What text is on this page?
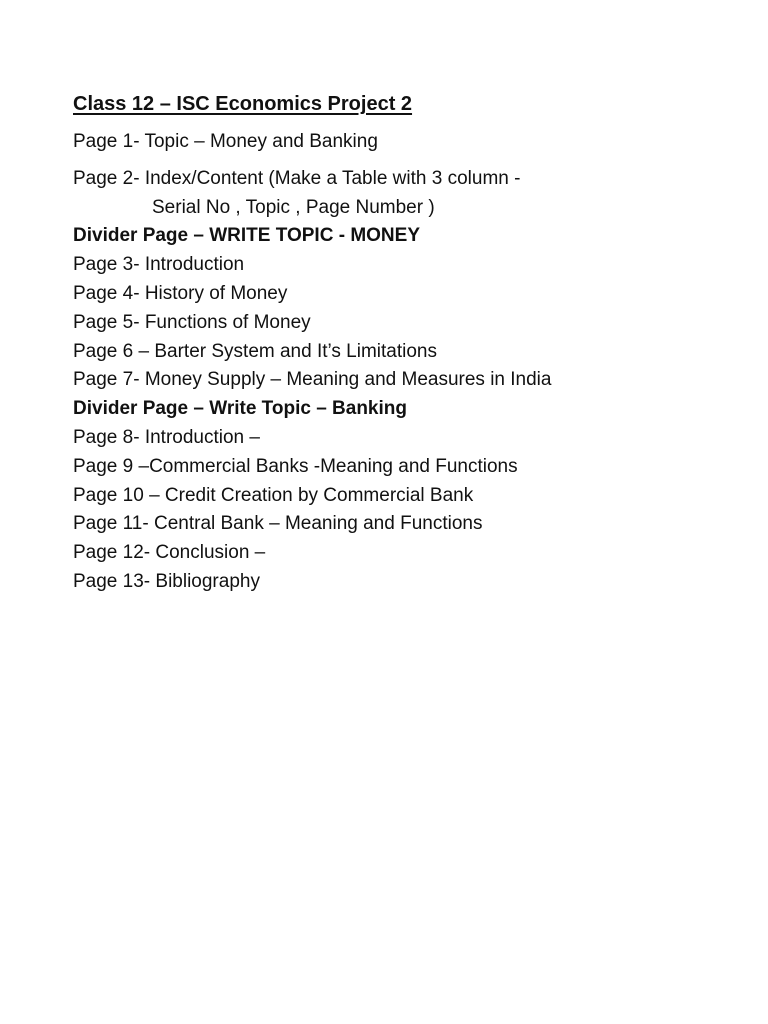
Class 12 – ISC Economics Project 2
Page 1- Topic – Money and Banking
Page 2- Index/Content (Make a Table with 3 column -
Serial No , Topic , Page Number )
Divider Page – WRITE TOPIC - MONEY
Page 3- Introduction
Page 4- History of Money
Page 5- Functions of Money
Page 6 – Barter System and It’s Limitations
Page 7- Money Supply – Meaning and Measures in India
Divider Page – Write Topic – Banking
Page 8- Introduction –
Page 9 –Commercial Banks -Meaning and Functions
Page 10 – Credit Creation by Commercial Bank
Page 11- Central Bank – Meaning and Functions
Page 12- Conclusion –
Page 13- Bibliography
